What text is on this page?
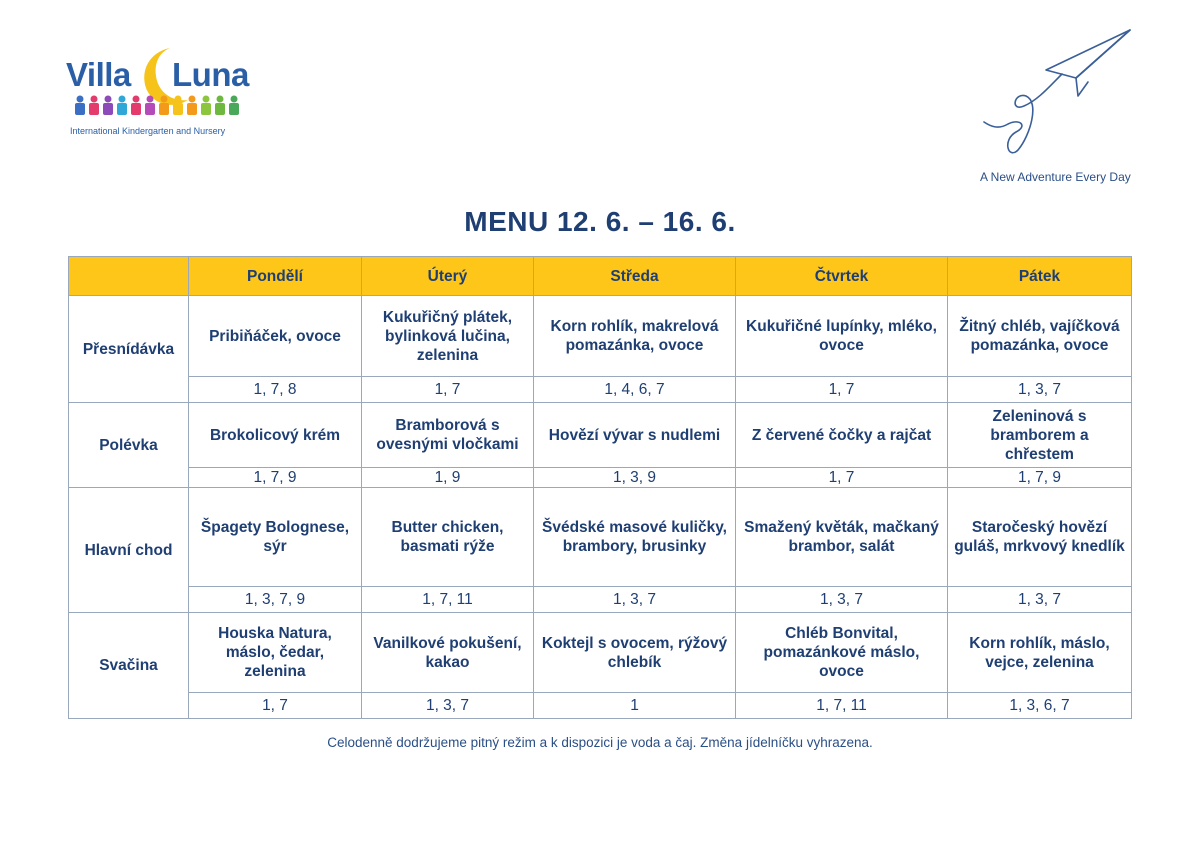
Villa Luna
International Kindergarten and Nursery
A New Adventure Every Day
MENU 12. 6. – 16. 6.
	Pondělí	Úterý	Středa	Čtvrtek	Pátek
Přesnídávka	Pribiňáček, ovoce	Kukuřičný plátek, bylinková lučina, zelenina	Korn rohlík, makrelová pomazánka, ovoce	Kukuřičné lupínky, mléko, ovoce	Žitný chléb, vajíčková pomazánka, ovoce
	1, 7, 8	1, 7	1, 4, 6, 7	1, 7	1, 3, 7
Polévka	Brokolicový krém	Bramborová s ovesnými vločkami	Hovězí vývar s nudlemi	Z červené čočky a rajčat	Zeleninová s bramborem a chřestem
	1, 7, 9	1, 9	1, 3, 9	1, 7	1, 7, 9
Hlavní chod	Špagety Bolognese, sýr	Butter chicken, basmati rýže	Švédské masové kuličky, brambory, brusinky	Smažený květák, mačkaný brambor, salát	Staročeský hovězí guláš, mrkvový knedlík
	1, 3, 7, 9	1, 7, 11	1, 3, 7	1, 3, 7	1, 3, 7
Svačina	Houska Natura, máslo, čedar, zelenina	Vanilkové pokušení, kakao	Koktejl s ovocem, rýžový chlebík	Chléb Bonvital, pomazánkové máslo, ovoce	Korn rohlík, máslo, vejce, zelenina
	1, 7	1, 3, 7	1	1, 7, 11	1, 3, 6, 7
Celodenně dodržujeme pitný režim a k dispozici je voda a čaj. Změna jídelníčku vyhrazena.
